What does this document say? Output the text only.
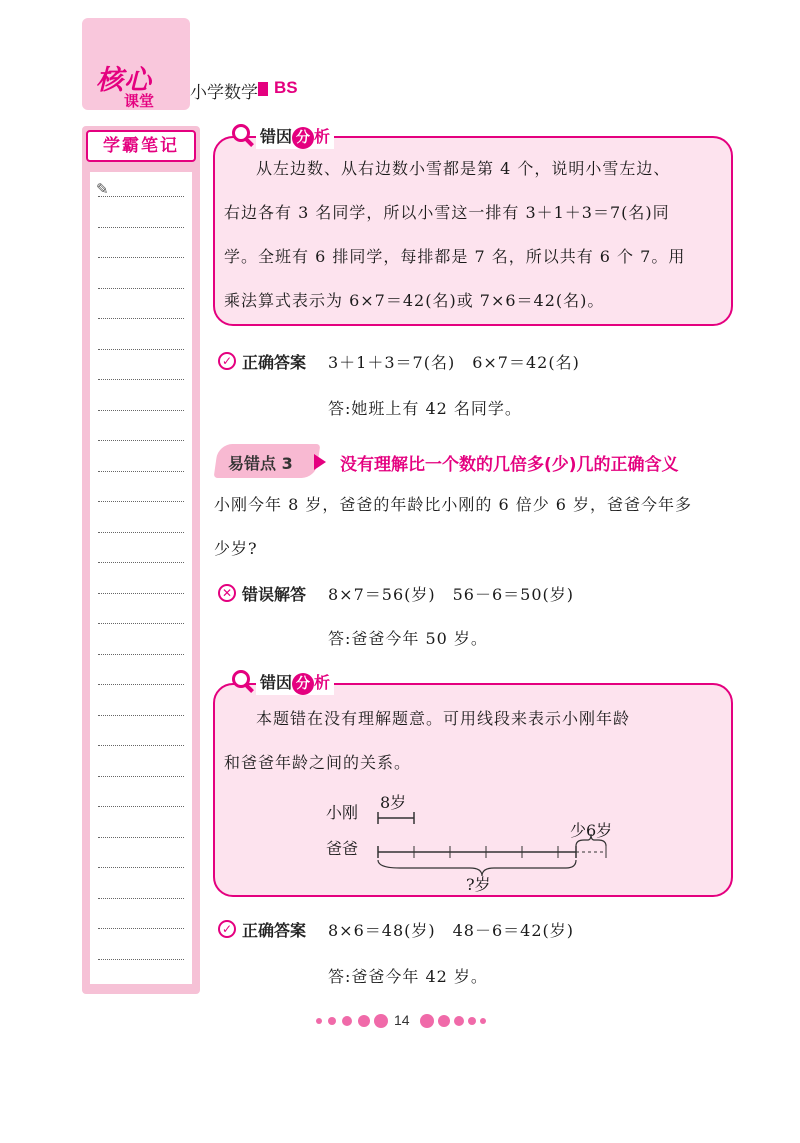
核心
课堂 小学数学 BS
学霸笔记
✎
错因 分 析
从左边数、从右边数小雪都是第 4 个，说明小雪左边、
右边各有 3 名同学，所以小雪这一排有 3＋1＋3＝7(名)同
学。全班有 6 排同学，每排都是 7 名，所以共有 6 个 7。用
乘法算式表示为 6×7＝42(名)或 7×6＝42(名)。
✓ 正确答案 3＋1＋3＝7(名)　6×7＝42(名)
答:她班上有 42 名同学。
易错点 3	没有理解比一个数的几倍多(少)几的正确含义
小刚今年 8 岁，爸爸的年龄比小刚的 6 倍少 6 岁，爸爸今年多
少岁?
✕ 错误解答 8×7＝56(岁)　56－6＝50(岁)
答:爸爸今年 50 岁。
错因 分 析
本题错在没有理解题意。可用线段来表示小刚年龄
和爸爸年龄之间的关系。
小刚
8岁
爸爸
少6岁
?岁
✓ 正确答案 8×6＝48(岁)　48－6＝42(岁)
答:爸爸今年 42 岁。
14
